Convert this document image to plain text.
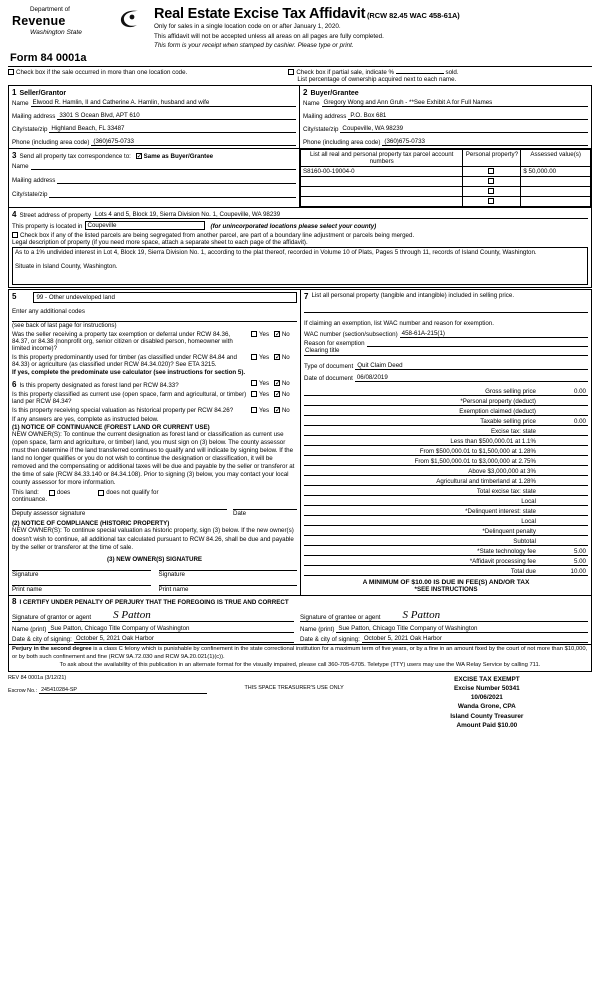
Department of
Revenue
Washington State
Real Estate Excise Tax Affidavit (RCW 82.45 WAC 458-61A)
Only for sales in a single location code on or after January 1, 2020.
This affidavit will not be accepted unless all areas on all pages are fully completed.
This form is your receipt when stamped by cashier. Please type or print.
Form 84 0001a
Check box if the sale occurred in more than one location code.	Check box if partial sale, indicate %	sold.
List percentage of ownership acquired next to each name.
1 Seller/Grantor
Name Elwood R. Hamlin, II and Catherine A. Hamlin, husband and wife
Mailing address 3301 S Ocean Blvd, APT 610
City/state/zip Highland Beach, FL 33487
Phone (including area code) (360)675-0733
2 Buyer/Grantee
Name Gregory Wong and Ann Gruh - **See Exhibit A for Full Names
Mailing address P.O. Box 681
City/state/zip Coupeville, WA 98239
Phone (including area code) (360)675-0733
3 Send all property tax correspondence to: ✓ Same as Buyer/Grantee
Name
Mailing address
City/state/zip
List all real and personal property tax parcel account numbers	Personal property?	Assessed value(s)
S8160-00-19004-0		$ 50,000.00

4 Street address of property Lots 4 and 5, Block 19, Sierra Division No. 1, Coupeville, WA 98239
This property is located in Coupeville	(for unincorporated locations please select your county)
Check box if any of the listed parcels are being segregated from another parcel, are part of a boundary line adjustment or parcels being merged.
Legal description of property (if you need more space, attach a separate sheet to each page of the affidavit).
As to a 1% undivided interest in Lot 4, Block 19, Sierra Division No. 1, according to the plat thereof, recorded in Volume 10 of Plats, Pages 5 through 11, records of Island County, Washington.
Situate in Island County, Washington.
5	99 - Other undeveloped land
Enter any additional codes
(see back of last page for instructions)
Was the seller receiving a property tax exemption or deferral under RCW 84.36, 84.37, or 84.38 (nonprofit org, senior citizen or disabled person, homeowner with limited income)?
Yes ✓ No
Is this property predominantly used for timber (as classified under RCW 84.84 and 84.33) or agriculture (as classified under RCW 84.34.020)? See ETA 3215.
Yes ✓ No
If yes, complete the predominate use calculator (see instructions for section 5).
6 Is this property designated as forest land per RCW 84.33?	Yes ✓ No
Is this property classified as current use (open space, farm and agricultural, or timber) land per RCW 84.34?
Yes ✓ No
Is this property receiving special valuation as historical property per RCW 84.26?	Yes ✓ No
If any answers are yes, complete as instructed below.
(1) NOTICE OF CONTINUANCE (FOREST LAND OR CURRENT USE)
NEW OWNER(S): To continue the current designation as forest land or classification as current use (open space, farm and agriculture, or timber) land, you must sign on (3) below. The county assessor must then determine if the land transferred continues to qualify and will indicate by signing below. If the land no longer qualifies or you do not wish to continue the designation or classification, it will be removed and the compensating or additional taxes will be due and payable by the seller or transferor at the time of sale (RCW 84.33.140 or 84.34.108). Prior to signing (3) below, you may contact your local county assessor for more information.
This land:	does	does not qualify for
continuance.
Deputy assessor signature	Date
(2) NOTICE OF COMPLIANCE (HISTORIC PROPERTY)
NEW OWNER(S): To continue special valuation as historic property, sign (3) below. If the new owner(s) doesn't wish to continue, all additional tax calculated pursuant to RCW 84.26, shall be due and payable by the seller or transferor at the time of sale.
(3) NEW OWNER(S) SIGNATURE
Signature	Signature
Print name	Print name
7 List all personal property (tangible and intangible) included in selling price.
If claiming an exemption, list WAC number and reason for exemption.
WAC number (section/subsection) 458-61A-215(1)
Reason for exemption
Clearing title
Type of document Quit Claim Deed
Date of document 06/08/2019
Gross selling price	0.00
*Personal property (deduct)
Exemption claimed (deduct)
Taxable selling price	0.00
Excise tax: state
Less than $500,000.01 at 1.1%
From $500,000.01 to $1,500,000 at 1.28%
From $1,500,000.01 to $3,000,000 at 2.75%
Above $3,000,000 at 3%
Agricultural and timberland at 1.28%
Total excise tax: state
Local
*Delinquent interest: state
Local
*Delinquent penalty
Subtotal
*State technology fee	5.00
*Affidavit processing fee	5.00
Total due	10.00
A MINIMUM OF $10.00 IS DUE IN FEE(S) AND/OR TAX
*SEE INSTRUCTIONS
8 I CERTIFY UNDER PENALTY OF PERJURY THAT THE FOREGOING IS TRUE AND CORRECT
Signature of grantor or agent S Patton
Name (print) Sue Patton, Chicago Title Company of Washington
Date & city of signing: October 5, 2021 Oak Harbor
Signature of grantee or agent S Patton
Name (print) Sue Patton, Chicago Title Company of Washington
Date & city of signing: October 5, 2021 Oak Harbor
Perjury in the second degree is a class C felony which is punishable by confinement in the state correctional institution for a maximum term of five years, or by a fine in an amount fixed by the court of not more than $10,000, or by both such confinement and fine (RCW 9A.72.030 and RCW 9A.20.021(1)(c)).
To ask about the availability of this publication in an alternate format for the visually impaired, please call 360-705-6705. Teletype (TTY) users may use the WA Relay Service by calling 711.
REV 84 0001a (3/12/21)
Escrow No.: 245410284-SP	THIS SPACE TREASURER'S USE ONLY
EXCISE TAX EXEMPT
Excise Number 50341
10/06/2021
Wanda Grone, CPA
Island County Treasurer
Amount Paid $10.00
